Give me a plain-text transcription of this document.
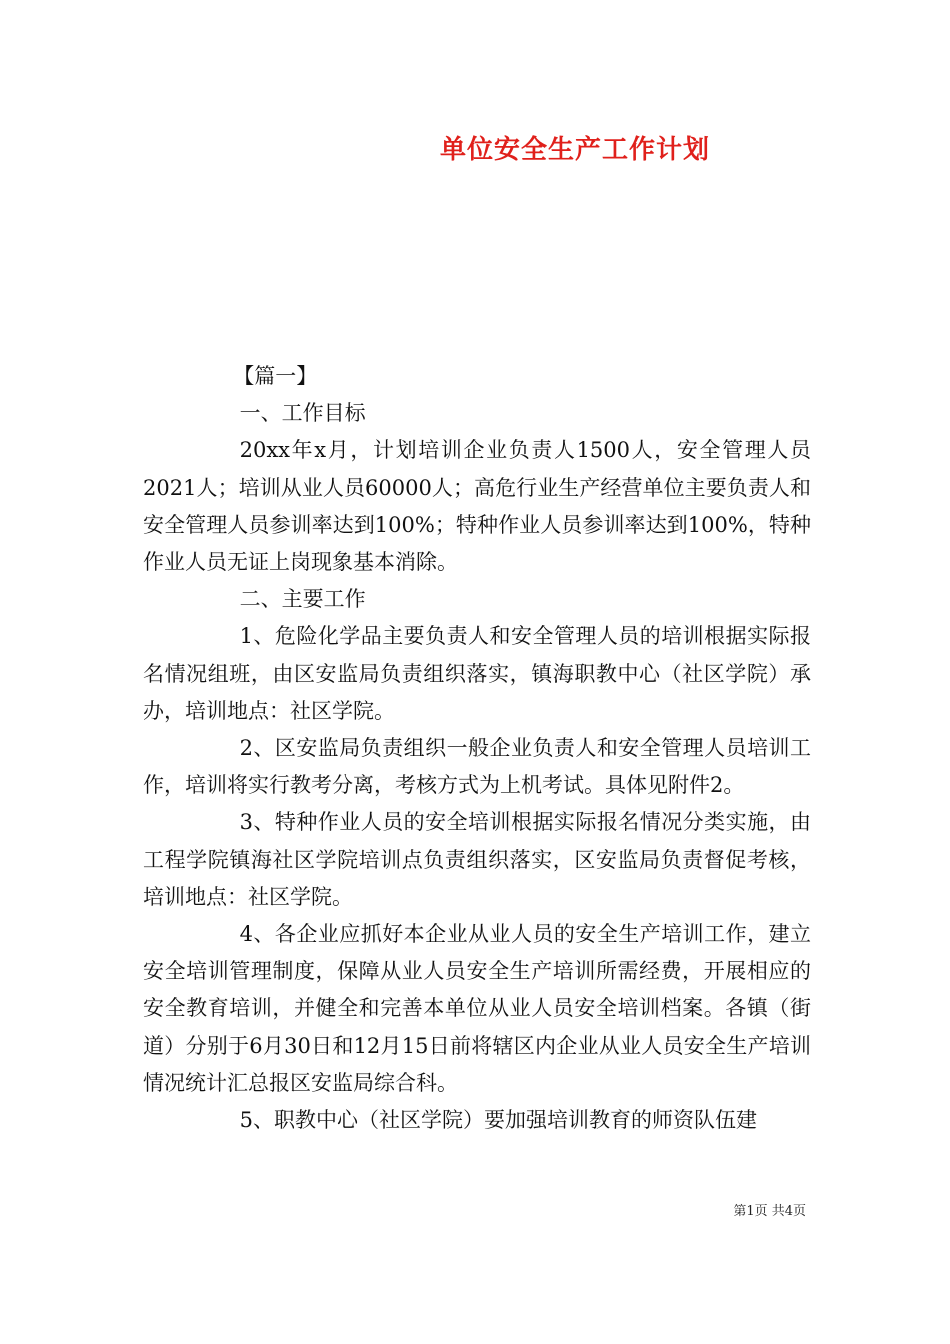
单位安全生产工作计划

【篇一】

一、工作目标

20xx年x月，计划培训企业负责人1500人，安全管理人员2021人；培训从业人员60000人；高危行业生产经营单位主要负责人和安全管理人员参训率达到100%；特种作业人员参训率达到100%，特种作业人员无证上岗现象基本消除。

二、主要工作

1、危险化学品主要负责人和安全管理人员的培训根据实际报名情况组班，由区安监局负责组织落实，镇海职教中心（社区学院）承办，培训地点：社区学院。

2、区安监局负责组织一般企业负责人和安全管理人员培训工作，培训将实行教考分离，考核方式为上机考试。具体见附件2。

3、特种作业人员的安全培训根据实际报名情况分类实施，由工程学院镇海社区学院培训点负责组织落实，区安监局负责督促考核，培训地点：社区学院。

4、各企业应抓好本企业从业人员的安全生产培训工作，建立安全培训管理制度，保障从业人员安全生产培训所需经费，开展相应的安全教育培训，并健全和完善本单位从业人员安全培训档案。各镇（街道）分别于6月30日和12月15日前将辖区内企业从业人员安全生产培训情况统计汇总报区安监局综合科。

5、职教中心（社区学院）要加强培训教育的师资队伍建

第1页 共4页
